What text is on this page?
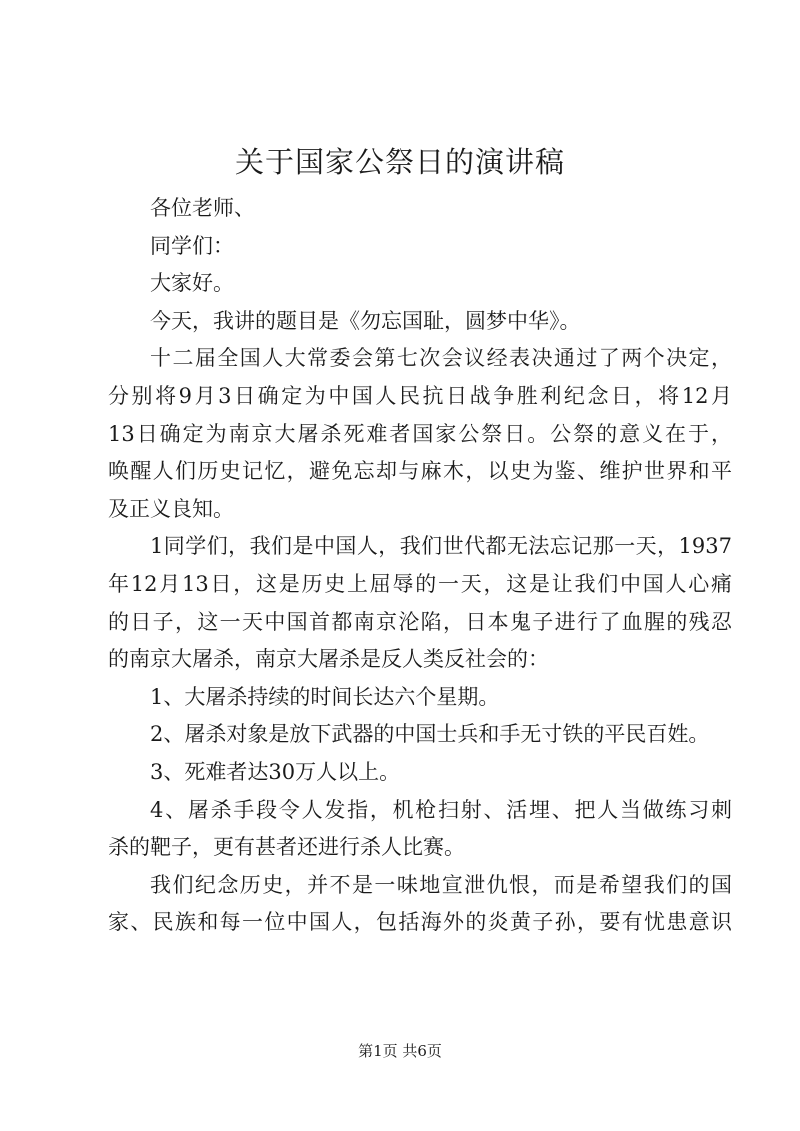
关于国家公祭日的演讲稿
各位老师、
同学们：
大家好。
今天，我讲的题目是《勿忘国耻，圆梦中华》。
十二届全国人大常委会第七次会议经表决通过了两个决定，
分别将9月3日确定为中国人民抗日战争胜利纪念日，将12月
13日确定为南京大屠杀死难者国家公祭日。公祭的意义在于，
唤醒人们历史记忆，避免忘却与麻木，以史为鉴、维护世界和平
及正义良知。
1同学们，我们是中国人，我们世代都无法忘记那一天，1937
年12月13日，这是历史上屈辱的一天，这是让我们中国人心痛
的日子，这一天中国首都南京沦陷，日本鬼子进行了血腥的残忍
的南京大屠杀，南京大屠杀是反人类反社会的：
1、大屠杀持续的时间长达六个星期。
2、屠杀对象是放下武器的中国士兵和手无寸铁的平民百姓。
3、死难者达30万人以上。
4、屠杀手段令人发指，机枪扫射、活埋、把人当做练习刺
杀的靶子，更有甚者还进行杀人比赛。
我们纪念历史，并不是一味地宣泄仇恨，而是希望我们的国
家、民族和每一位中国人，包括海外的炎黄子孙，要有忧患意识
第1页 共6页
